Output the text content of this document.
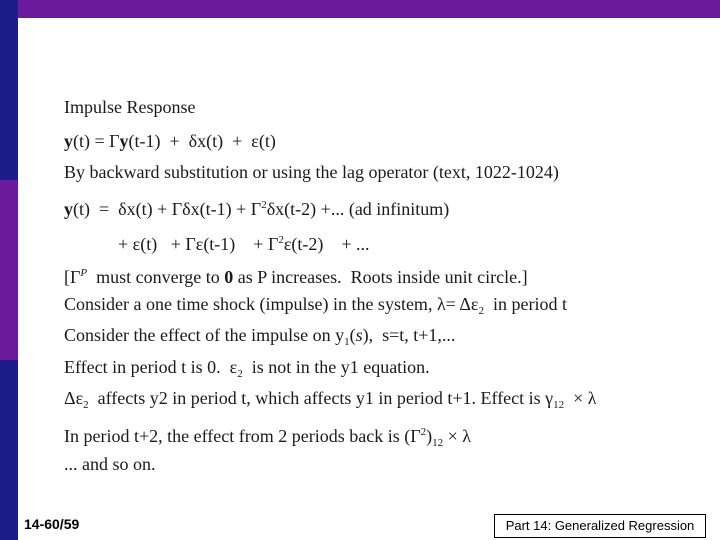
Impulse Response
y(t) = Γy(t-1)  +  δx(t)  +  ε(t)
By backward substitution or using the lag operator (text, 1022-1024)
$y(t) = \delta x(t) + \Gamma\delta x(t-1) + \Gamma^2\delta x(t-2)$ +... (ad infinitum)
+ ε(t)   + Γε(t-1)    + $\Gamma^2\varepsilon(t-2)$    + ...
[$\Gamma^P$  must converge to 0 as P increases.  Roots inside unit circle.]
Consider a one time shock (impulse) in the system, $\lambda= \Delta\varepsilon_2$  in period t
Consider the effect of the impulse on $y_1(s)$,  s=t, t+1,...
Effect in period t is 0.  $\varepsilon_2$  is not in the y1 equation.
$\Delta\varepsilon_2$  affects y2 in period t, which affects y1 in period t+1. Effect is $\gamma_{12} \times \lambda$
In period t+2, the effect from 2 periods back is $(\Gamma^2)_{12} \times \lambda$
... and so on.
14-60/59	Part 14: Generalized Regression
